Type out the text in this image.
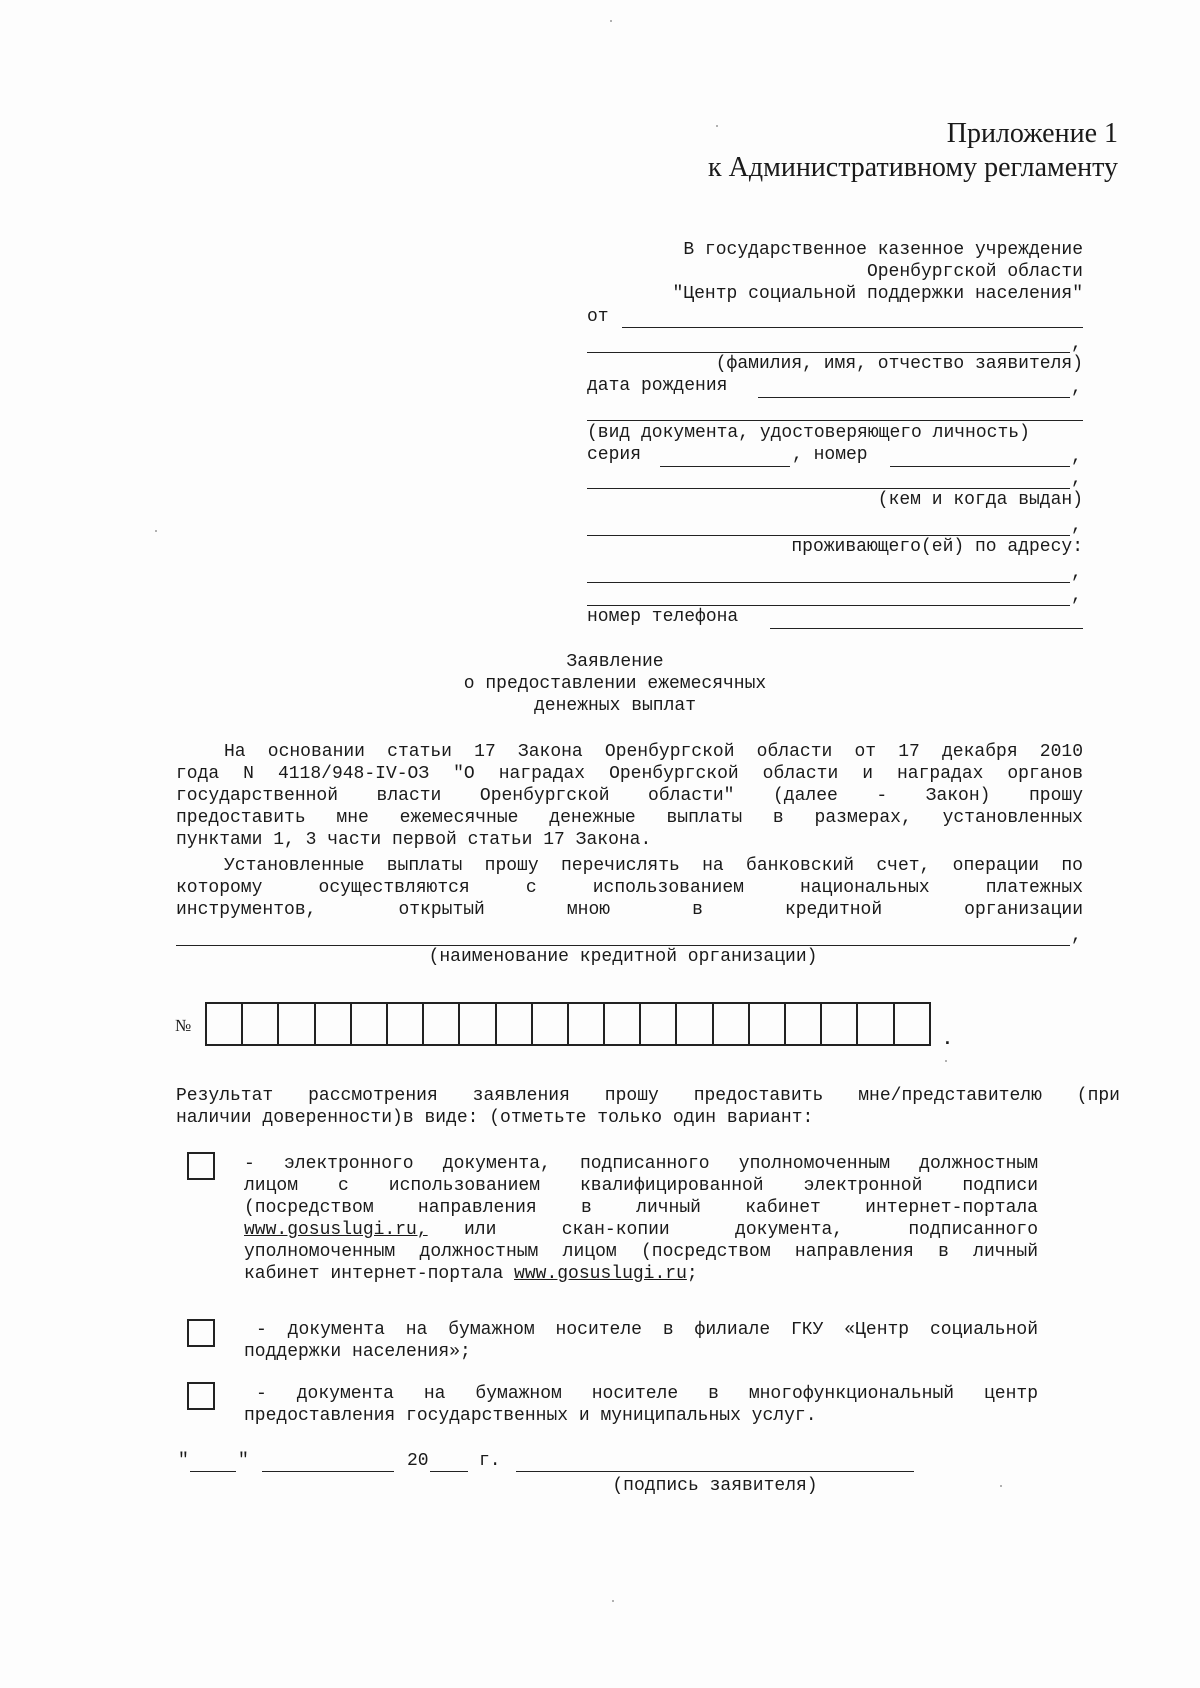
Приложение 1
к Административному регламенту
В государственное казенное учреждение
Оренбургской области
"Центр социальной поддержки населения"
от
,
(фамилия, имя, отчество заявителя)
дата рождения	,
(вид документа, удостоверяющего личность)
серия	, номер	,
,
(кем и когда выдан)
,
проживающего(ей) по адресу:
,
,
номер телефона
Заявление
о предоставлении ежемесячных
денежных выплат
На основании статьи 17 Закона Оренбургской области от 17 декабря 2010
года N 4118/948-IV-ОЗ "О наградах Оренбургской области и наградах органов
государственной власти Оренбургской области" (далее - Закон) прошу
предоставить мне ежемесячные денежные выплаты в размерах, установленных
пунктами 1, 3 части первой статьи 17 Закона.
Установленные выплаты прошу перечислять на банковский счет, операции по
которому осуществляются с использованием национальных платежных
инструментов, открытый мною в кредитной организации
,
(наименование кредитной организации)
№
.
Результат рассмотрения заявления прошу предоставить мне/представителю (при
наличии доверенности)в виде: (отметьте только один вариант:
- электронного документа, подписанного уполномоченным должностным
лицом с использованием квалифицированной электронной подписи
(посредством направления в личный кабинет интернет-портала
www.gosuslugi.ru, или скан-копии документа, подписанного
уполномоченным должностным лицом (посредством направления в личный
кабинет интернет-портала www.gosuslugi.ru;
- документа на бумажном носителе в филиале ГКУ «Центр социальной
поддержки населения»;
- документа на бумажном носителе в многофункциональный центр
предоставления государственных и муниципальных услуг.
"	"	20	г.
(подпись заявителя)
